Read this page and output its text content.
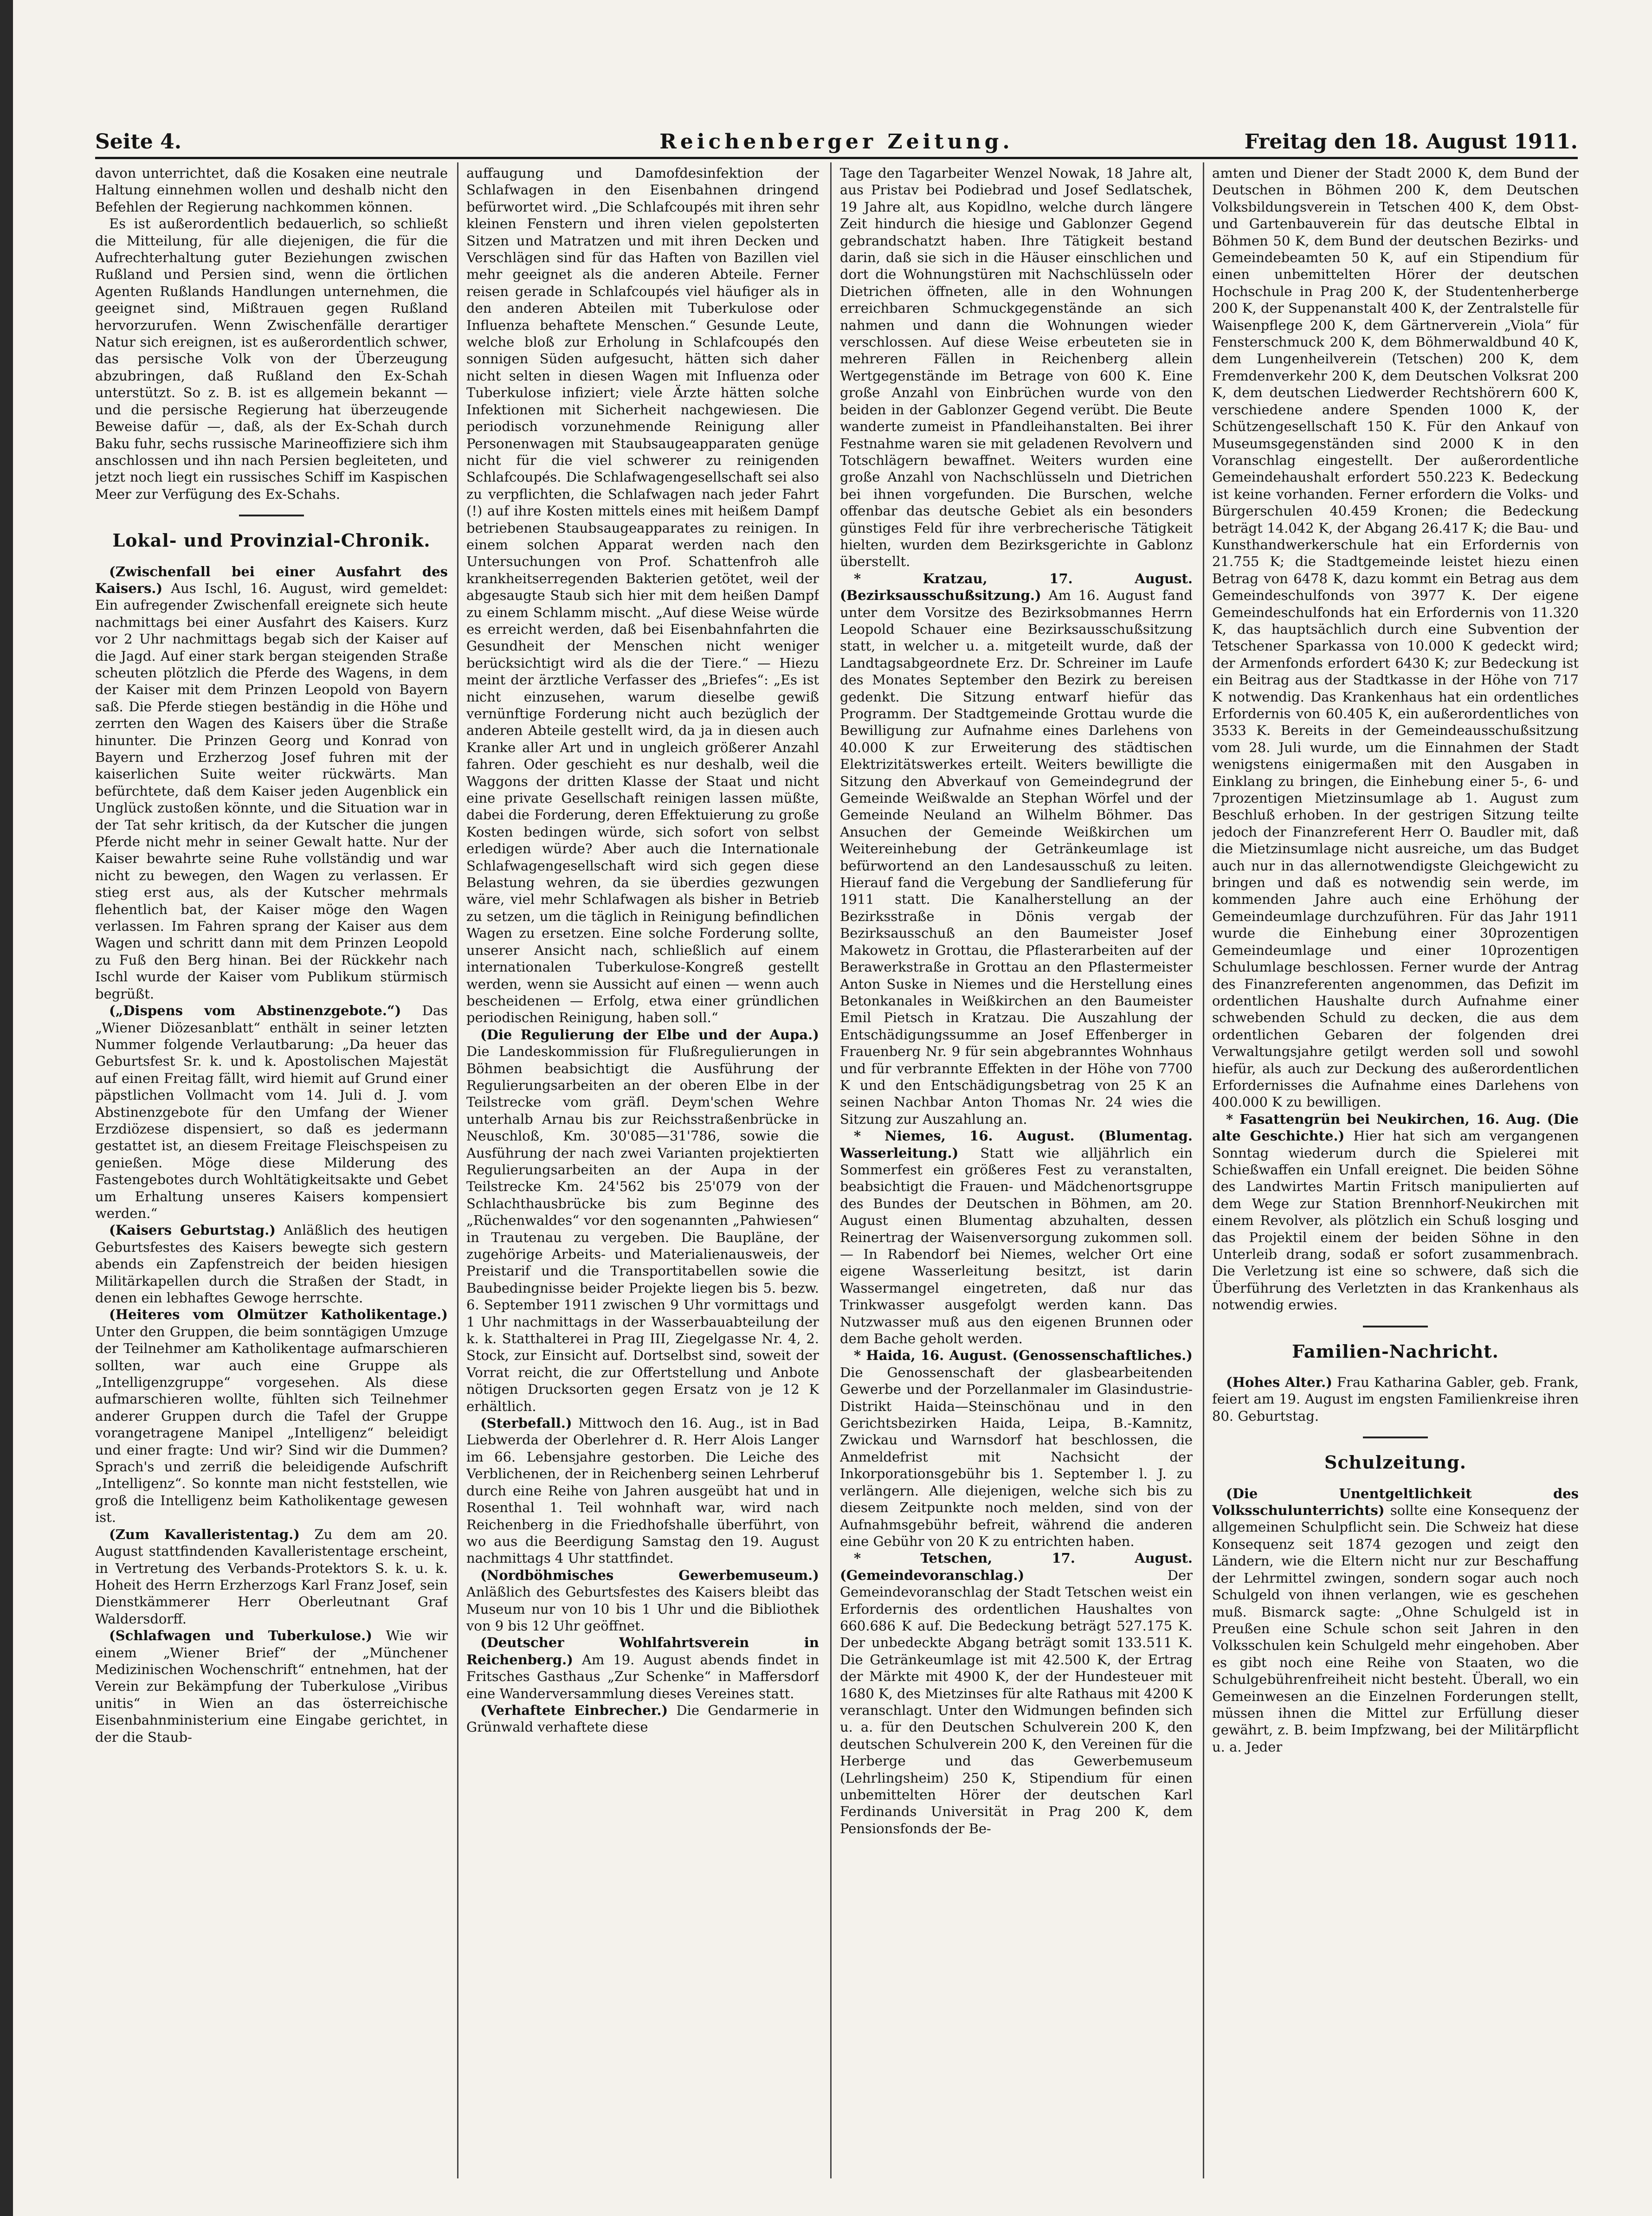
Seite 4.	Reichenberger Zeitung.	Freitag den 18. August 1911.

davon unterrichtet, daß die Kosaken eine neutrale Haltung einnehmen wollen und deshalb nicht den Befehlen der Regierung nachkommen können.

Es ist außerordentlich bedauerlich, so schließt die Mitteilung, für alle diejenigen, die für die Aufrechterhaltung guter Beziehungen zwischen Rußland und Persien sind, wenn die örtlichen Agenten Rußlands Handlungen unternehmen, die geeignet sind, Mißtrauen gegen Rußland hervorzurufen. Wenn Zwischenfälle derartiger Natur sich ereignen, ist es außerordentlich schwer, das persische Volk von der Überzeugung abzubringen, daß Rußland den Ex-Schah unterstützt. So z. B. ist es allgemein bekannt — und die persische Regierung hat überzeugende Beweise dafür —, daß, als der Ex-Schah durch Baku fuhr, sechs russische Marineoffiziere sich ihm anschlossen und ihn nach Persien begleiteten, und jetzt noch liegt ein russisches Schiff im Kaspischen Meer zur Verfügung des Ex-Schahs.

Lokal- und Provinzial-Chronik.

(Zwischenfall bei einer Ausfahrt des Kaisers.) Aus Ischl, 16. August, wird gemeldet: Ein aufregender Zwischenfall ereignete sich heute nachmittags bei einer Ausfahrt des Kaisers. Kurz vor 2 Uhr nachmittags begab sich der Kaiser auf die Jagd. Auf einer stark bergan steigenden Straße scheuten plötzlich die Pferde des Wagens, in dem der Kaiser mit dem Prinzen Leopold von Bayern saß. Die Pferde stiegen beständig in die Höhe und zerrten den Wagen des Kaisers über die Straße hinunter. Die Prinzen Georg und Konrad von Bayern und Erzherzog Josef fuhren mit der kaiserlichen Suite weiter rückwärts. Man befürchtete, daß dem Kaiser jeden Augenblick ein Unglück zustoßen könnte, und die Situation war in der Tat sehr kritisch, da der Kutscher die jungen Pferde nicht mehr in seiner Gewalt hatte. Nur der Kaiser bewahrte seine Ruhe vollständig und war nicht zu bewegen, den Wagen zu verlassen. Er stieg erst aus, als der Kutscher mehrmals flehentlich bat, der Kaiser möge den Wagen verlassen. Im Fahren sprang der Kaiser aus dem Wagen und schritt dann mit dem Prinzen Leopold zu Fuß den Berg hinan. Bei der Rückkehr nach Ischl wurde der Kaiser vom Publikum stürmisch begrüßt.

(„Dispens vom Abstinenzgebote.“) Das „Wiener Diözesanblatt“ enthält in seiner letzten Nummer folgende Verlautbarung: „Da heuer das Geburtsfest Sr. k. und k. Apostolischen Majestät auf einen Freitag fällt, wird hiemit auf Grund einer päpstlichen Vollmacht vom 14. Juli d. J. vom Abstinenzgebote für den Umfang der Wiener Erzdiözese dispensiert, so daß es jedermann gestattet ist, an diesem Freitage Fleischspeisen zu genießen. Möge diese Milderung des Fastengebotes durch Wohltätigkeitsakte und Gebet um Erhaltung unseres Kaisers kompensiert werden.“

(Kaisers Geburtstag.) Anläßlich des heutigen Geburtsfestes des Kaisers bewegte sich gestern abends ein Zapfenstreich der beiden hiesigen Militärkapellen durch die Straßen der Stadt, in denen ein lebhaftes Gewoge herrschte.

(Heiteres vom Olmützer Katholikentage.) Unter den Gruppen, die beim sonntägigen Umzuge der Teilnehmer am Katholikentage aufmarschieren sollten, war auch eine Gruppe als „Intelligenzgruppe“ vorgesehen. Als diese aufmarschieren wollte, fühlten sich Teilnehmer anderer Gruppen durch die Tafel der Gruppe vorangetragene Manipel „Intelligenz“ beleidigt und einer fragte: Und wir? Sind wir die Dummen? Sprach's und zerriß die beleidigende Aufschrift „Intelligenz“. So konnte man nicht feststellen, wie groß die Intelligenz beim Katholikentage gewesen ist.

(Zum Kavalleristentag.) Zu dem am 20. August stattfindenden Kavalleristentage erscheint, in Vertretung des Verbands-Protektors S. k. u. k. Hoheit des Herrn Erzherzogs Karl Franz Josef, sein Dienstkämmerer Herr Oberleutnant Graf Waldersdorff.

(Schlafwagen und Tuberkulose.) Wie wir einem „Wiener Brief“ der „Münchener Medizinischen Wochenschrift“ entnehmen, hat der Verein zur Bekämpfung der Tuberkulose „Viribus unitis“ in Wien an das österreichische Eisenbahnministerium eine Eingabe gerichtet, in der die Staub-

auffaugung und Damofdesinfektion der Schlafwagen in den Eisenbahnen dringend befürwortet wird. „Die Schlafcoupés mit ihren sehr kleinen Fenstern und ihren vielen gepolsterten Sitzen und Matratzen und mit ihren Decken und Verschlägen sind für das Haften von Bazillen viel mehr geeignet als die anderen Abteile. Ferner reisen gerade in Schlafcoupés viel häufiger als in den anderen Abteilen mit Tuberkulose oder Influenza behaftete Menschen.“ Gesunde Leute, welche bloß zur Erholung in Schlafcoupés den sonnigen Süden aufgesucht, hätten sich daher nicht selten in diesen Wagen mit Influenza oder Tuberkulose infiziert; viele Ärzte hätten solche Infektionen mit Sicherheit nachgewiesen. Die periodisch vorzunehmende Reinigung aller Personenwagen mit Staubsaugeapparaten genüge nicht für die viel schwerer zu reinigenden Schlafcoupés. Die Schlafwagengesellschaft sei also zu verpflichten, die Schlafwagen nach jeder Fahrt (!) auf ihre Kosten mittels eines mit heißem Dampf betriebenen Staubsaugeapparates zu reinigen. In einem solchen Apparat werden nach den Untersuchungen von Prof. Schattenfroh alle krankheitserregenden Bakterien getötet, weil der abgesaugte Staub sich hier mit dem heißen Dampf zu einem Schlamm mischt. „Auf diese Weise würde es erreicht werden, daß bei Eisenbahnfahrten die Gesundheit der Menschen nicht weniger berücksichtigt wird als die der Tiere.“ — Hiezu meint der ärztliche Verfasser des „Briefes“: „Es ist nicht einzusehen, warum dieselbe gewiß vernünftige Forderung nicht auch bezüglich der anderen Abteile gestellt wird, da ja in diesen auch Kranke aller Art und in ungleich größerer Anzahl fahren. Oder geschieht es nur deshalb, weil die Waggons der dritten Klasse der Staat und nicht eine private Gesellschaft reinigen lassen müßte, dabei die Forderung, deren Effektuierung zu große Kosten bedingen würde, sich sofort von selbst erledigen würde? Aber auch die Internationale Schlafwagengesellschaft wird sich gegen diese Belastung wehren, da sie überdies gezwungen wäre, viel mehr Schlafwagen als bisher in Betrieb zu setzen, um die täglich in Reinigung befindlichen Wagen zu ersetzen. Eine solche Forderung sollte, unserer Ansicht nach, schließlich auf einem internationalen Tuberkulose-Kongreß gestellt werden, wenn sie Aussicht auf einen — wenn auch bescheidenen — Erfolg, etwa einer gründlichen periodischen Reinigung, haben soll.“

(Die Regulierung der Elbe und der Aupa.) Die Landeskommission für Flußregulierungen in Böhmen beabsichtigt die Ausführung der Regulierungsarbeiten an der oberen Elbe in der Teilstrecke vom gräfl. Deym'schen Wehre unterhalb Arnau bis zur Reichsstraßenbrücke in Neuschloß, Km. 30'085—31'786, sowie die Ausführung der nach zwei Varianten projektierten Regulierungsarbeiten an der Aupa in der Teilstrecke Km. 24'562 bis 25'079 von der Schlachthausbrücke bis zum Beginne des „Rüchenwaldes“ vor den sogenannten „Pahwiesen“ in Trautenau zu vergeben. Die Baupläne, der zugehörige Arbeits- und Materialienausweis, der Preistarif und die Transportitabellen sowie die Baubedingnisse beider Projekte liegen bis 5. bezw. 6. September 1911 zwischen 9 Uhr vormittags und 1 Uhr nachmittags in der Wasserbauabteilung der k. k. Statthalterei in Prag III, Ziegelgasse Nr. 4, 2. Stock, zur Einsicht auf. Dortselbst sind, soweit der Vorrat reicht, die zur Offertstellung und Anbote nötigen Drucksorten gegen Ersatz von je 12 K erhältlich.

(Sterbefall.) Mittwoch den 16. Aug., ist in Bad Liebwerda der Oberlehrer d. R. Herr Alois Langer im 66. Lebensjahre gestorben. Die Leiche des Verblichenen, der in Reichenberg seinen Lehrberuf durch eine Reihe von Jahren ausgeübt hat und in Rosenthal 1. Teil wohnhaft war, wird nach Reichenberg in die Friedhofshalle überführt, von wo aus die Beerdigung Samstag den 19. August nachmittags 4 Uhr stattfindet.

(Nordböhmisches Gewerbemuseum.) Anläßlich des Geburtsfestes des Kaisers bleibt das Museum nur von 10 bis 1 Uhr und die Bibliothek von 9 bis 12 Uhr geöffnet.

(Deutscher Wohlfahrtsverein in Reichenberg.) Am 19. August abends findet in Fritsches Gasthaus „Zur Schenke“ in Maffersdorf eine Wanderversammlung dieses Vereines statt.

(Verhaftete Einbrecher.) Die Gendarmerie in Grünwald verhaftete diese

Tage den Tagarbeiter Wenzel Nowak, 18 Jahre alt, aus Pristav bei Podiebrad und Josef Sedlatschek, 19 Jahre alt, aus Kopidlno, welche durch längere Zeit hindurch die hiesige und Gablonzer Gegend gebrandschatzt haben. Ihre Tätigkeit bestand darin, daß sie sich in die Häuser einschlichen und dort die Wohnungstüren mit Nachschlüsseln oder Dietrichen öffneten, alle in den Wohnungen erreichbaren Schmuckgegenstände an sich nahmen und dann die Wohnungen wieder verschlossen. Auf diese Weise erbeuteten sie in mehreren Fällen in Reichenberg allein Wertgegenstände im Betrage von 600 K. Eine große Anzahl von Einbrüchen wurde von den beiden in der Gablonzer Gegend verübt. Die Beute wanderte zumeist in Pfandleihanstalten. Bei ihrer Festnahme waren sie mit geladenen Revolvern und Totschlägern bewaffnet. Weiters wurden eine große Anzahl von Nachschlüsseln und Dietrichen bei ihnen vorgefunden. Die Burschen, welche offenbar das deutsche Gebiet als ein besonders günstiges Feld für ihre verbrecherische Tätigkeit hielten, wurden dem Bezirksgerichte in Gablonz überstellt.

* Kratzau, 17. August. (Bezirksausschußsitzung.) Am 16. August fand unter dem Vorsitze des Bezirksobmannes Herrn Leopold Schauer eine Bezirksausschußsitzung statt, in welcher u. a. mitgeteilt wurde, daß der Landtagsabgeordnete Erz. Dr. Schreiner im Laufe des Monates September den Bezirk zu bereisen gedenkt. Die Sitzung entwarf hiefür das Programm. Der Stadtgemeinde Grottau wurde die Bewilligung zur Aufnahme eines Darlehens von 40.000 K zur Erweiterung des städtischen Elektrizitätswerkes erteilt. Weiters bewilligte die Sitzung den Abverkauf von Gemeindegrund der Gemeinde Weißwalde an Stephan Wörfel und der Gemeinde Neuland an Wilhelm Böhmer. Das Ansuchen der Gemeinde Weißkirchen um Weitereinhebung der Getränkeumlage ist befürwortend an den Landesausschuß zu leiten. Hierauf fand die Vergebung der Sandlieferung für 1911 statt. Die Kanalherstellung an der Bezirksstraße in Dönis vergab der Bezirksausschuß an den Baumeister Josef Makowetz in Grottau, die Pflasterarbeiten auf der Berawerkstraße in Grottau an den Pflastermeister Anton Suske in Niemes und die Herstellung eines Betonkanales in Weißkirchen an den Baumeister Emil Pietsch in Kratzau. Die Auszahlung der Entschädigungssumme an Josef Effenberger in Frauenberg Nr. 9 für sein abgebranntes Wohnhaus und für verbrannte Effekten in der Höhe von 7700 K und den Entschädigungsbetrag von 25 K an seinen Nachbar Anton Thomas Nr. 24 wies die Sitzung zur Auszahlung an.

* Niemes, 16. August. (Blumentag. Wasserleitung.) Statt wie alljährlich ein Sommerfest ein größeres Fest zu veranstalten, beabsichtigt die Frauen- und Mädchenortsgruppe des Bundes der Deutschen in Böhmen, am 20. August einen Blumentag abzuhalten, dessen Reinertrag der Waisenversorgung zukommen soll. — In Rabendorf bei Niemes, welcher Ort eine eigene Wasserleitung besitzt, ist darin Wassermangel eingetreten, daß nur das Trinkwasser ausgefolgt werden kann. Das Nutzwasser muß aus den eigenen Brunnen oder dem Bache geholt werden.

* Haida, 16. August. (Genossenschaftliches.) Die Genossenschaft der glasbearbeitenden Gewerbe und der Porzellanmaler im Glasindustrie-Distrikt Haida—Steinschönau und in den Gerichtsbezirken Haida, Leipa, B.-Kamnitz, Zwickau und Warnsdorf hat beschlossen, die Anmeldefrist mit Nachsicht der Inkorporationsgebühr bis 1. September l. J. zu verlängern. Alle diejenigen, welche sich bis zu diesem Zeitpunkte noch melden, sind von der Aufnahmsgebühr befreit, während die anderen eine Gebühr von 20 K zu entrichten haben.

* Tetschen, 17. August. (Gemeindevoranschlag.)	Der Gemeindevoranschlag der Stadt Tetschen weist ein Erfordernis des ordentlichen Haushaltes von 660.686 K auf. Die Bedeckung beträgt 527.175 K. Der unbedeckte Abgang beträgt somit 133.511 K. Die Getränkeumlage ist mit 42.500 K, der Ertrag der Märkte mit 4900 K, der der Hundesteuer mit 1680 K, des Mietzinses für alte Rathaus mit 4200 K veranschlagt. Unter den Widmungen befinden sich u. a. für den Deutschen Schulverein 200 K, den deutschen Schulverein 200 K, den Vereinen für die Herberge und das Gewerbemuseum (Lehrlingsheim) 250 K, Stipendium für einen unbemittelten Hörer der deutschen Karl Ferdinands Universität in Prag 200 K, dem Pensionsfonds der Be-

amten und Diener der Stadt 2000 K, dem Bund der Deutschen in Böhmen 200 K, dem Deutschen Volksbildungsverein in Tetschen 400 K, dem Obst- und Gartenbauverein für das deutsche Elbtal in Böhmen 50 K, dem Bund der deutschen Bezirks- und Gemeindebeamten 50 K, auf ein Stipendium für einen unbemittelten Hörer der deutschen Hochschule in Prag 200 K, der Studentenherberge 200 K, der Suppenanstalt 400 K, der Zentralstelle für Waisenpflege 200 K, dem Gärtnerverein „Viola“ für Fensterschmuck 200 K, dem Böhmerwaldbund 40 K, dem Lungenheilverein (Tetschen) 200 K, dem Fremdenverkehr 200 K, dem Deutschen Volksrat 200 K, dem deutschen Liedwerder Rechtshörern 600 K, verschiedene andere Spenden 1000 K, der Schützengesellschaft 150 K. Für den Ankauf von Museumsgegenständen sind 2000 K in den Voranschlag eingestellt. Der außerordentliche Gemeindehaushalt erfordert 550.223 K. Bedeckung ist keine vorhanden. Ferner erfordern die Volks- und Bürgerschulen 40.459 Kronen; die Bedeckung beträgt 14.042 K, der Abgang 26.417 K; die Bau- und Kunsthandwerkerschule hat ein Erfordernis von 21.755 K; die Stadtgemeinde leistet hiezu einen Betrag von 6478 K, dazu kommt ein Betrag aus dem Gemeindeschulfonds von 3977 K. Der eigene Gemeindeschulfonds hat ein Erfordernis von 11.320 K, das hauptsächlich durch eine Subvention der Tetschener Sparkassa von 10.000 K gedeckt wird; der Armenfonds erfordert 6430 K; zur Bedeckung ist ein Beitrag aus der Stadtkasse in der Höhe von 717 K notwendig. Das Krankenhaus hat ein ordentliches Erfordernis von 60.405 K, ein außerordentliches von 3533 K. Bereits in der Gemeindeausschußsitzung vom 28. Juli wurde, um die Einnahmen der Stadt wenigstens einigermaßen mit den Ausgaben in Einklang zu bringen, die Einhebung einer 5-, 6- und 7prozentigen Mietzinsumlage ab 1. August zum Beschluß erhoben. In der gestrigen Sitzung teilte jedoch der Finanzreferent Herr O. Baudler mit, daß die Mietzinsumlage nicht ausreiche, um das Budget auch nur in das allernotwendigste Gleichgewicht zu bringen und daß es notwendig sein werde, im kommenden Jahre auch eine Erhöhung der Gemeindeumlage durchzuführen. Für das Jahr 1911 wurde die Einhebung einer 30prozentigen Gemeindeumlage und einer 10prozentigen Schulumlage beschlossen. Ferner wurde der Antrag des Finanzreferenten angenommen, das Defizit im ordentlichen Haushalte durch Aufnahme einer schwebenden Schuld zu decken, die aus dem ordentlichen Gebaren der folgenden drei Verwaltungsjahre getilgt werden soll und sowohl hiefür, als auch zur Deckung des außerordentlichen Erfordernisses die Aufnahme eines Darlehens von 400.000 K zu bewilligen.

* Fasattengrün bei Neukirchen, 16. Aug. (Die alte Geschichte.) Hier hat sich am vergangenen Sonntag wiederum durch die Spielerei mit Schießwaffen ein Unfall ereignet. Die beiden Söhne des Landwirtes Martin Fritsch manipulierten auf dem Wege zur Station Brennhorf-Neukirchen mit einem Revolver, als plötzlich ein Schuß losging und das Projektil einem der beiden Söhne in den Unterleib drang, sodaß er sofort zusammenbrach. Die Verletzung ist eine so schwere, daß sich die Überführung des Verletzten in das Krankenhaus als notwendig erwies.

Familien-Nachricht.

(Hohes Alter.) Frau Katharina Gabler, geb. Frank, feiert am 19. August im engsten Familienkreise ihren 80. Geburtstag.

Schulzeitung.

(Die Unentgeltlichkeit des Volksschulunterrichts) sollte eine Konsequenz der allgemeinen Schulpflicht sein. Die Schweiz hat diese Konsequenz seit 1874 gezogen und zeigt den Ländern, wie die Eltern nicht nur zur Beschaffung der Lehrmittel zwingen, sondern sogar auch noch Schulgeld von ihnen verlangen, wie es geschehen muß. Bismarck sagte: „Ohne Schulgeld ist in Preußen eine Schule schon seit Jahren in den Volksschulen kein Schulgeld mehr eingehoben. Aber es gibt noch eine Reihe von Staaten, wo die Schulgebührenfreiheit nicht besteht. Überall, wo ein Gemeinwesen an die Einzelnen Forderungen stellt, müssen ihnen die Mittel zur Erfüllung dieser gewährt, z. B. beim Impfzwang, bei der Militärpflicht u. a. Jeder
